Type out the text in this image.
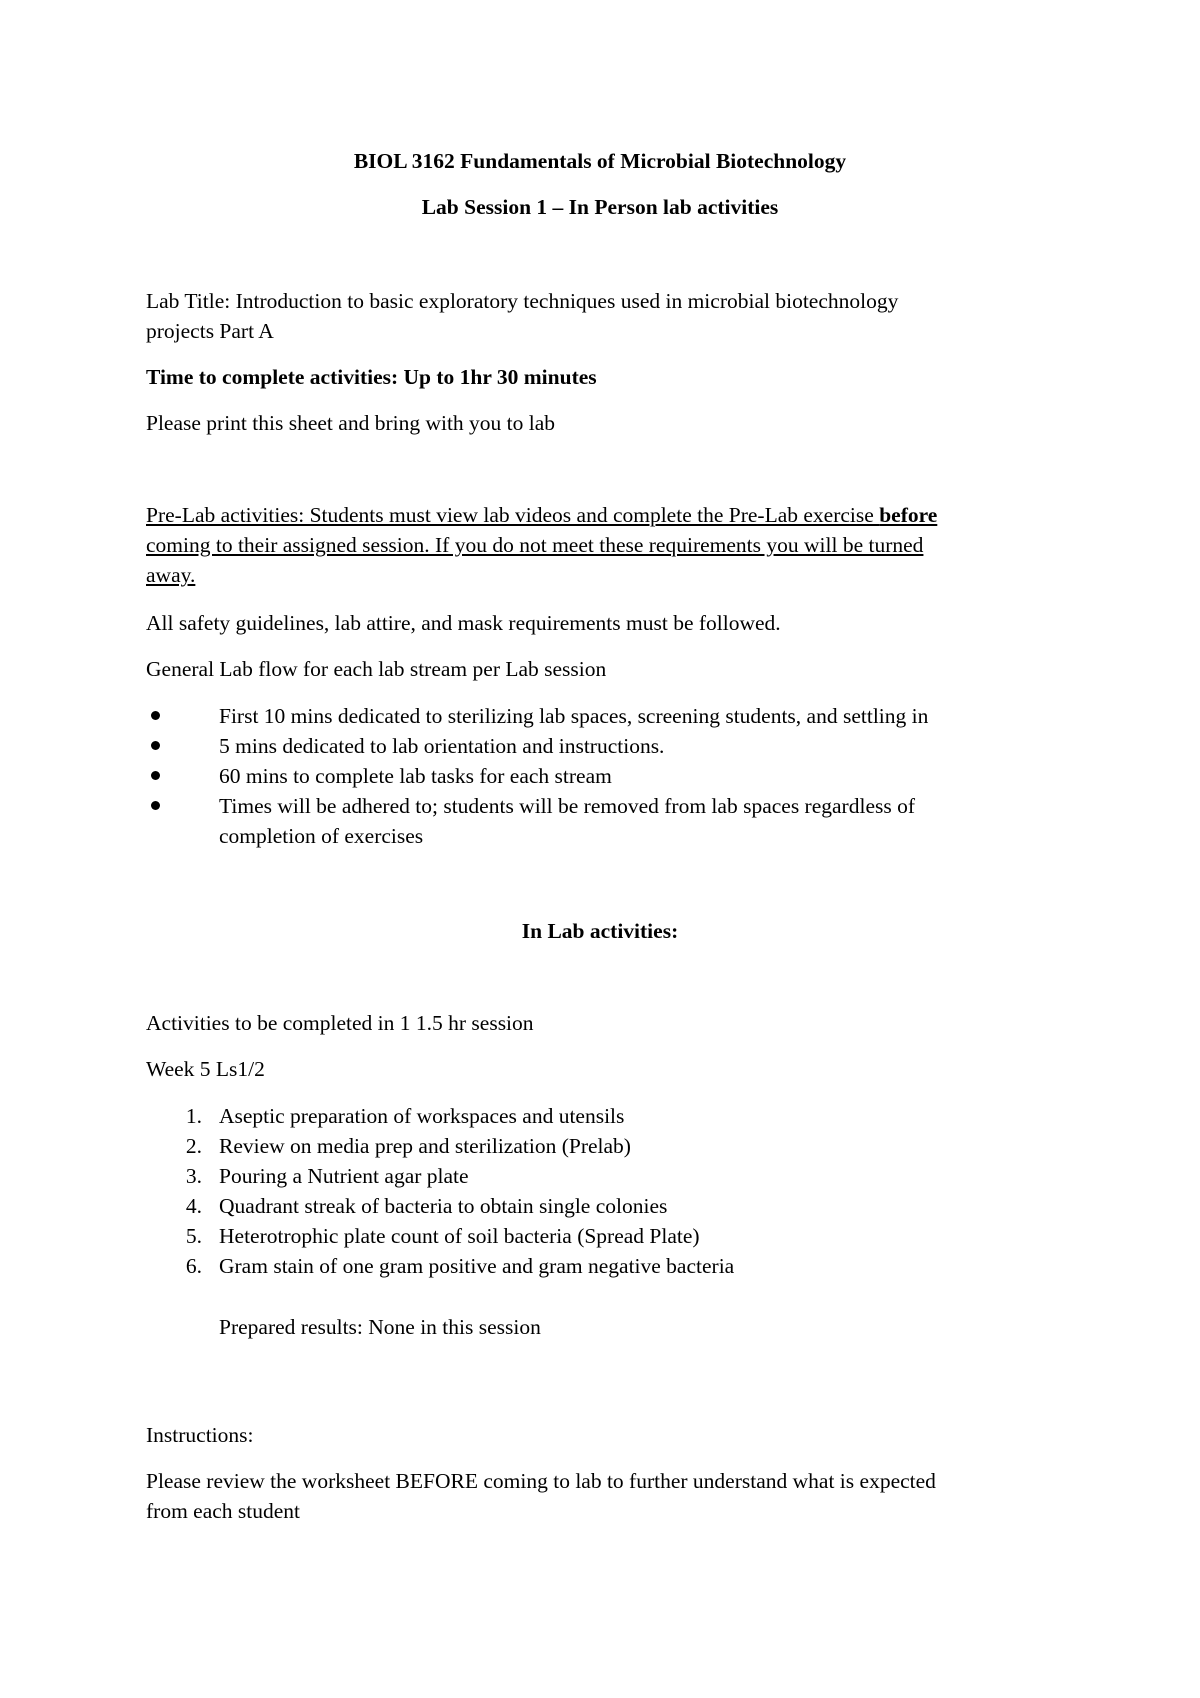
BIOL 3162 Fundamentals of Microbial Biotechnology
Lab Session 1 – In Person lab activities
Lab Title: Introduction to basic exploratory techniques used in microbial biotechnology
projects Part A
Time to complete activities: Up to 1hr 30 minutes
Please print this sheet and bring with you to lab
Pre-Lab activities: Students must view lab videos and complete the Pre-Lab exercise before
coming to their assigned session. If you do not meet these requirements you will be turned
away.
All safety guidelines, lab attire, and mask requirements must be followed.
General Lab flow for each lab stream per Lab session
First 10 mins dedicated to sterilizing lab spaces, screening students, and settling in
5 mins dedicated to lab orientation and instructions.
60 mins to complete lab tasks for each stream
Times will be adhered to; students will be removed from lab spaces regardless of
completion of exercises
In Lab activities:
Activities to be completed in 1 1.5 hr session
Week 5 Ls1/2
1. Aseptic preparation of workspaces and utensils
2. Review on media prep and sterilization (Prelab)
3. Pouring a Nutrient agar plate
4. Quadrant streak of bacteria to obtain single colonies
5. Heterotrophic plate count of soil bacteria (Spread Plate)
6. Gram stain of one gram positive and gram negative bacteria
Prepared results: None in this session
Instructions:
Please review the worksheet BEFORE coming to lab to further understand what is expected
from each student
